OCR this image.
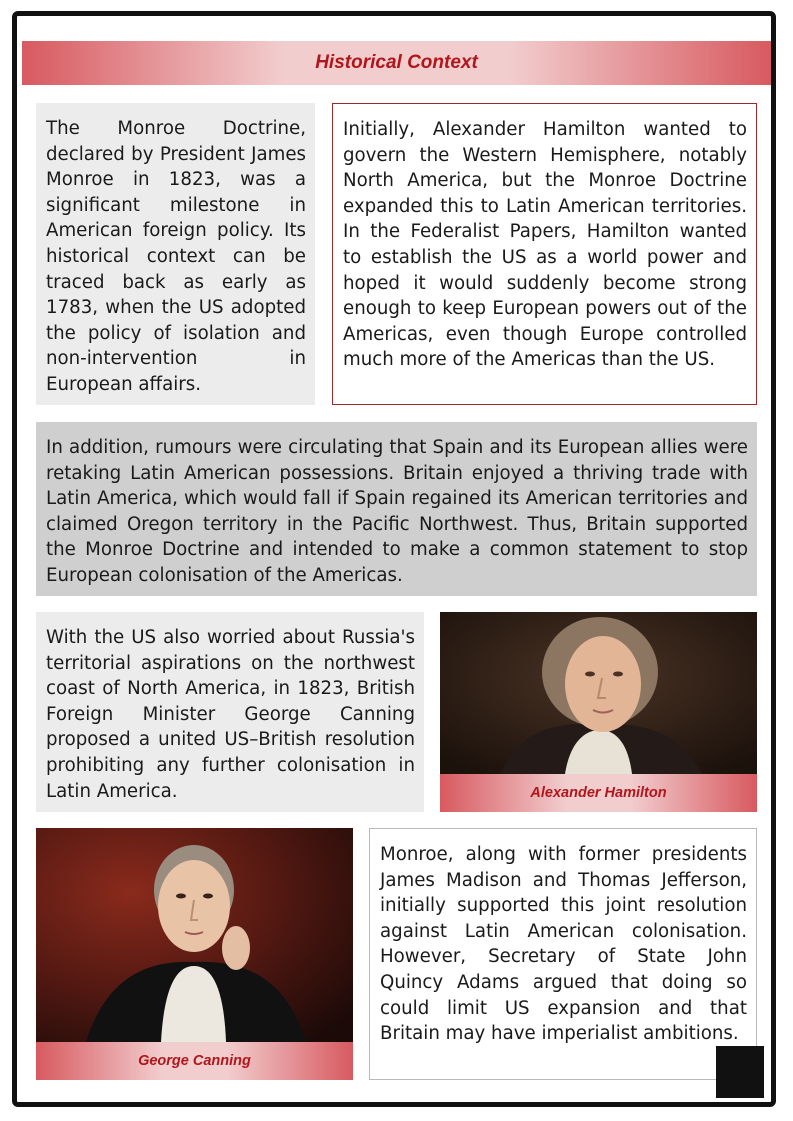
Historical Context
The Monroe Doctrine, declared by President James Monroe in 1823, was a significant milestone in American foreign policy. Its historical context can be traced back as early as 1783, when the US adopted the policy of isolation and non-intervention in European affairs.
Initially, Alexander Hamilton wanted to govern the Western Hemisphere, notably North America, but the Monroe Doctrine expanded this to Latin American territories. In the Federalist Papers, Hamilton wanted to establish the US as a world power and hoped it would suddenly become strong enough to keep European powers out of the Americas, even though Europe controlled much more of the Americas than the US.
In addition, rumours were circulating that Spain and its European allies were retaking Latin American possessions. Britain enjoyed a thriving trade with Latin America, which would fall if Spain regained its American territories and claimed Oregon territory in the Pacific Northwest. Thus, Britain supported the Monroe Doctrine and intended to make a common statement to stop European colonisation of the Americas.
With the US also worried about Russia's territorial aspirations on the northwest coast of North America, in 1823, British Foreign Minister George Canning proposed a united US–British resolution prohibiting any further colonisation in Latin America.	Alexander Hamilton
George Canning
Monroe, along with former presidents James Madison and Thomas Jefferson, initially supported this joint resolution against Latin American colonisation. However, Secretary of State John Quincy Adams argued that doing so could limit US expansion and that Britain may have imperialist ambitions.
